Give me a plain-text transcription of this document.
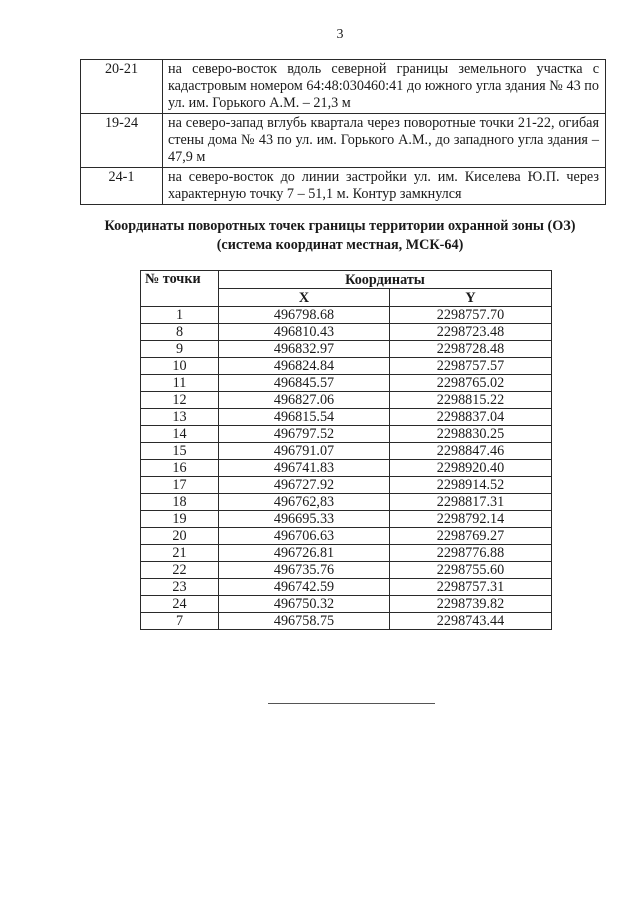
3
20-21	на северо-восток вдоль северной границы земельного участка с кадастровым номером 64:48:030460:41 до южного угла здания № 43 по ул. им. Горького А.М. – 21,3 м
19-24	на северо-запад вглубь квартала через поворотные точки 21-22, огибая стены дома № 43 по ул. им. Горького А.М., до западного угла здания – 47,9 м
24-1	на северо-восток до линии застройки ул. им. Киселева Ю.П. через характерную точку 7 – 51,1 м. Контур замкнулся
Координаты поворотных точек границы территории охранной зоны (ОЗ)
(система координат местная, МСК-64)
№ точки	Координаты	
	X	Y
1	496798.68	2298757.70
8	496810.43	2298723.48
9	496832.97	2298728.48
10	496824.84	2298757.57
11	496845.57	2298765.02
12	496827.06	2298815.22
13	496815.54	2298837.04
14	496797.52	2298830.25
15	496791.07	2298847.46
16	496741.83	2298920.40
17	496727.92	2298914.52
18	496762,83	2298817.31
19	496695.33	2298792.14
20	496706.63	2298769.27
21	496726.81	2298776.88
22	496735.76	2298755.60
23	496742.59	2298757.31
24	496750.32	2298739.82
7	496758.75	2298743.44
